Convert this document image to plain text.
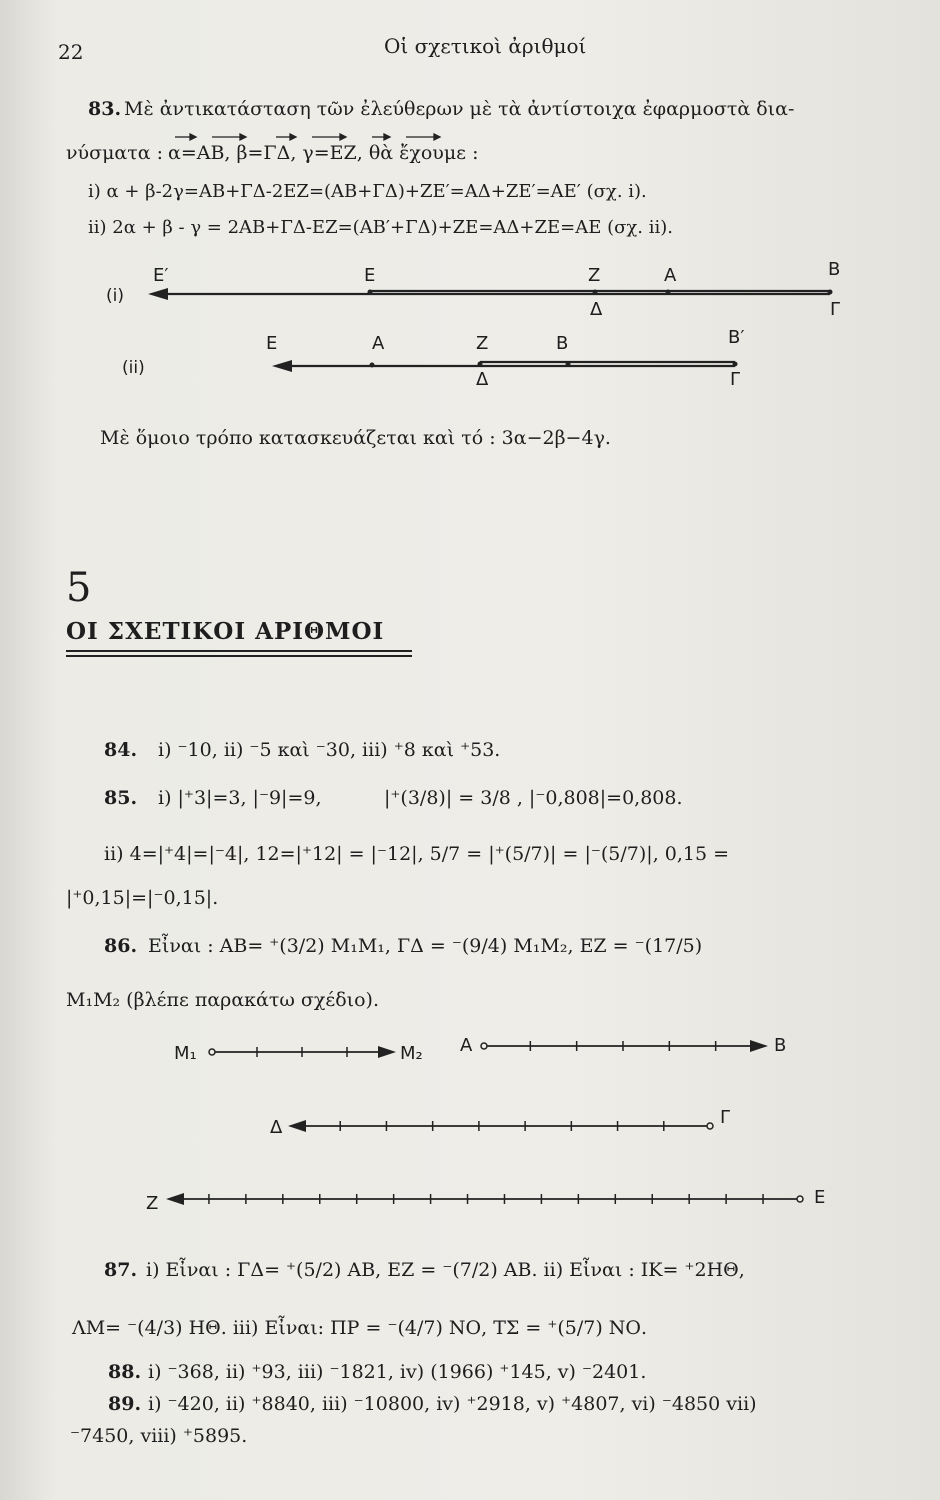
22	Οἱ σχετικοὶ ἀριθμοί
83. Μὲ ἀντικατάσταση τῶν ἐλεύθερων μὲ τὰ ἀντίστοιχα ἐφαρμοστὰ δια-
νύσματα : α=ΑΒ, β=ΓΔ, γ=ΕΖ, θὰ ἔχουμε :
i) α + β-2γ=ΑΒ+ΓΔ-2ΕΖ=(ΑΒ+ΓΔ)+ΖΕ′=ΑΔ+ΖΕ′=ΑΕ′ (σχ. i).
ii) 2α + β - γ = 2ΑΒ+ΓΔ-ΕΖ=(ΑΒ′+ΓΔ)+ΖΕ=ΑΔ+ΖΕ=ΑΕ (σχ. ii).
(i)
Ε′	Ε	Ζ	Α	Β
Δ	Γ
(ii)
Ε	Α	Ζ	Β	Β′
Δ	Γ
Μὲ ὅμοιο τρόπο κατασκευάζεται καὶ τό : 3α−2β−4γ.
5
ΟΙ ΣΧΕΤΙΚΟΙ ΑΡΙΘΜΟΙ
84. i) ⁻10, ii) ⁻5 καὶ ⁻30, iii) ⁺8 καὶ ⁺53.
85. i) |⁺3|=3, |⁻9|=9,	|⁺(3/8)| = 3/8 , |⁻0,808|=0,808.
ii) 4=|⁺4|=|⁻4|, 12=|⁺12| = |⁻12|, 5/7 = |⁺(5/7)| = |⁻(5/7)|, 0,15 =
|⁺0,15|=|⁻0,15|.
86. Εἶναι : ΑΒ= ⁺(3/2) Μ₁Μ₁, ΓΔ = ⁻(9/4) Μ₁Μ₂, ΕΖ = ⁻(17/5)
Μ₁Μ₂ (βλέπε παρακάτω σχέδιο).
Μ₁	Μ₂ Α	Β
Δ	Γ
Ζ	Ε
87. i) Εἶναι : ΓΔ= ⁺(5/2) ΑΒ, ΕΖ = ⁻(7/2) ΑΒ. ii) Εἶναι : ΙΚ= ⁺2ΗΘ,
ΛΜ= ⁻(4/3) ΗΘ. iii) Εἶναι: ΠΡ = ⁻(4/7) ΝΟ, ΤΣ = ⁺(5/7) ΝΟ.
88. i) ⁻368, ii) ⁺93, iii) ⁻1821, iv) (1966) ⁺145, v) ⁻2401.
89. i) ⁻420, ii) ⁺8840, iii) ⁻10800, iv) ⁺2918, v) ⁺4807, vi) ⁻4850 vii)
⁻7450, viii) ⁺5895.
